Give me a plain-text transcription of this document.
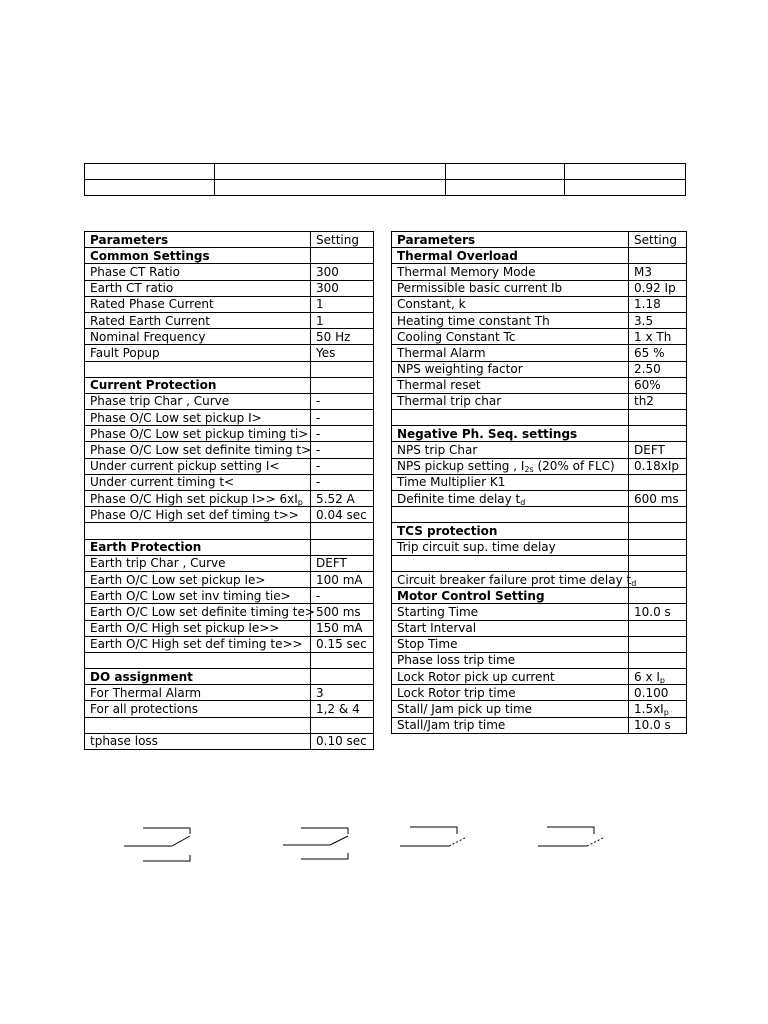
Parameters	Setting
Common Settings	
Phase CT Ratio	300
Earth CT ratio	300
Rated Phase Current	1
Rated Earth Current	1
Nominal Frequency	50 Hz
Fault Popup	Yes

Current Protection	
Phase trip Char , Curve	-
Phase O/C Low set pickup I>	-
Phase O/C Low set pickup timing ti>	-
Phase O/C Low set definite timing t>	-
Under current pickup setting I<	-
Under current timing t<	-
Phase O/C High set pickup $I>> 6xI_p$	5.52 A
Phase O/C High set def timing t>>	0.04 sec

Earth Protection	
Earth trip Char , Curve	DEFT
Earth O/C Low set pickup Ie>	100 mA
Earth O/C Low set inv timing tie>	-
Earth O/C Low set definite timing te>	500 ms
Earth O/C High set pickup Ie>>	150 mA
Earth O/C High set def timing te>>	0.15 sec

DO assignment	
For Thermal Alarm	3
For all protections	1,2 & 4

tphase loss	0.10 sec
Parameters	Setting
Thermal Overload	
Thermal Memory Mode	M3
Permissible basic current Ib	0.92 Ip
Constant, k	1.18
Heating time constant Th	3.5
Cooling Constant Tc	1 x Th
Thermal Alarm	65 %
NPS weighting factor	2.50
Thermal reset	60%
Thermal trip char	th2

Negative Ph. Seq. settings	
NPS trip Char	DEFT
NPS pickup setting , $I_{2s}$ (20% of FLC)	0.18xIp
Time Multiplier K1	
Definite time delay $t_d$	600 ms

TCS protection	
Trip circuit sup. time delay	

Circuit breaker failure prot time delay $t_d$	
Motor Control Setting	
Starting Time	10.0 s
Start Interval	
Stop Time	
Phase loss trip time	
Lock Rotor pick up current	6 x $I_p$
Lock Rotor trip time	0.100
Stall/ Jam pick up time	$1.5xI_p$
Stall/Jam trip time	10.0 s
